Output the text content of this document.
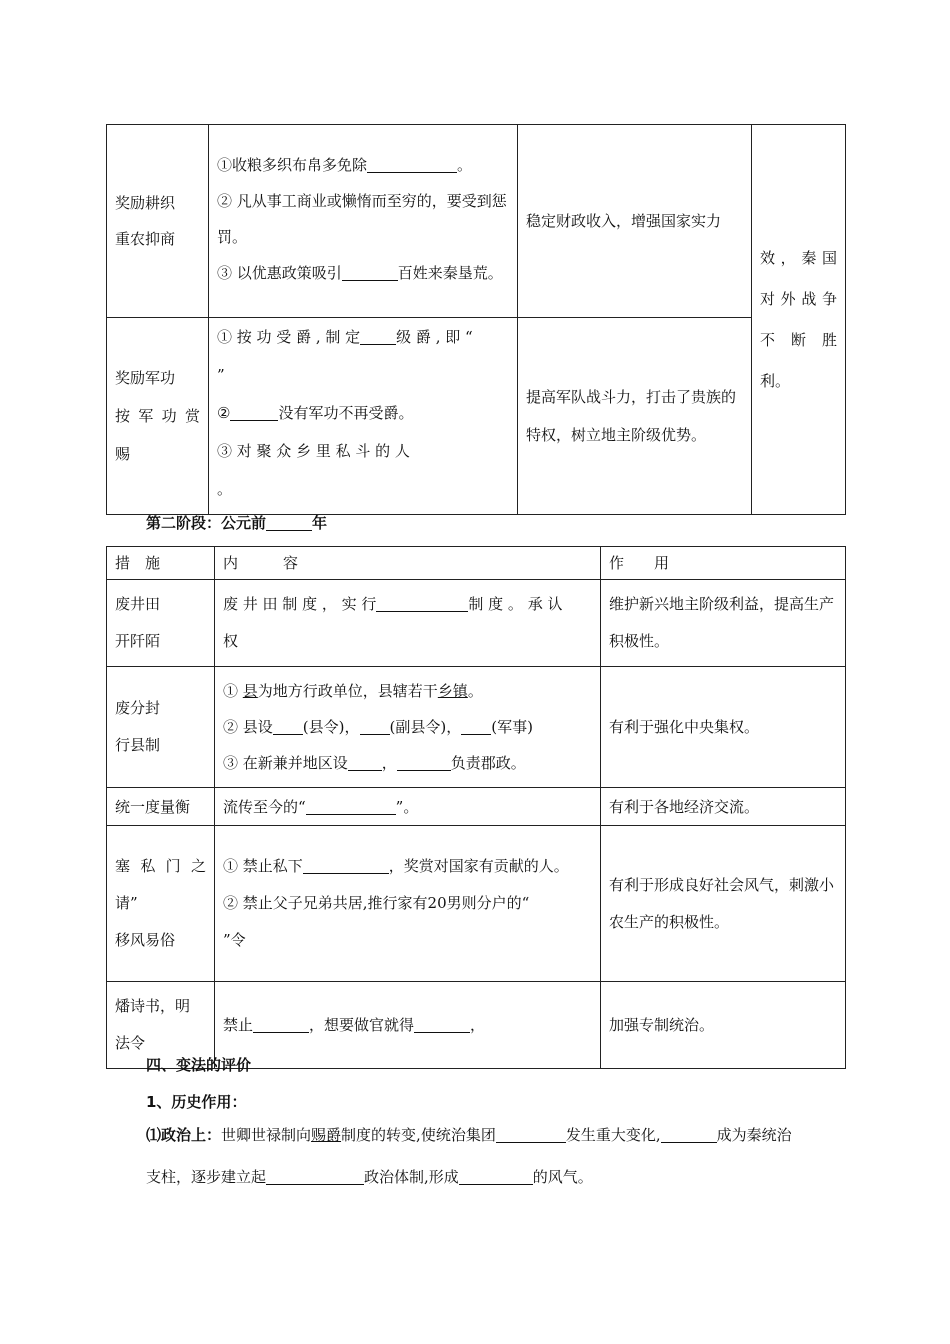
奖励耕织
重农抑商	①收粮多织布帛多免除 。
② 凡从事工商业或懒惰而至穷的，要受到惩罚。
③ 以优惠政策吸引 百姓来秦垦荒。	稳定财政收入，增强国家实力	效，秦国
对外战争
不 断 胜
利。

奖励军功
按 军 功 赏
赐	① 按 功 受 爵 , 制 定 级 爵 , 即 “
”
② 没有军功不再受爵。
③ 对 聚 众 乡 里 私 斗 的 人
。	提高军队战斗力，打击了贵族的特权，树立地主阶级优势。	
第二阶段：公元前	年
措　施	内　　　容	作　　用

废井田
开阡陌	废 井 田 制 度 ， 实 行 制 度 。 承 认
权	维护新兴地主阶级利益，提高生产积极性。

废分封
行县制	① 县为地方行政单位，县辖若干乡镇。
② 县设 (县令)， (副县令)， (军事)
③ 在新兼并地区设 ， 负责郡政。	有利于强化中央集权。
统一度量衡	流传至今的“ ”。	有利于各地经济交流。

塞 私 门 之
请”
移风易俗	① 禁止私下 ，奖赏对国家有贡献的人。
② 禁止父子兄弟共居,推行家有20男则分户的“
”令	有利于形成良好社会风气，刺激小农生产的积极性。

燔诗书，明
法令	禁止 ，想要做官就得 ，	加强专制统治。
四、变法的评价
1、历史作用：
⑴政治上：世卿世禄制向赐爵制度的转变,使统治集团	发生重大变化,	成为秦统治支柱，逐步建立起	政治体制,形成	的风气。
